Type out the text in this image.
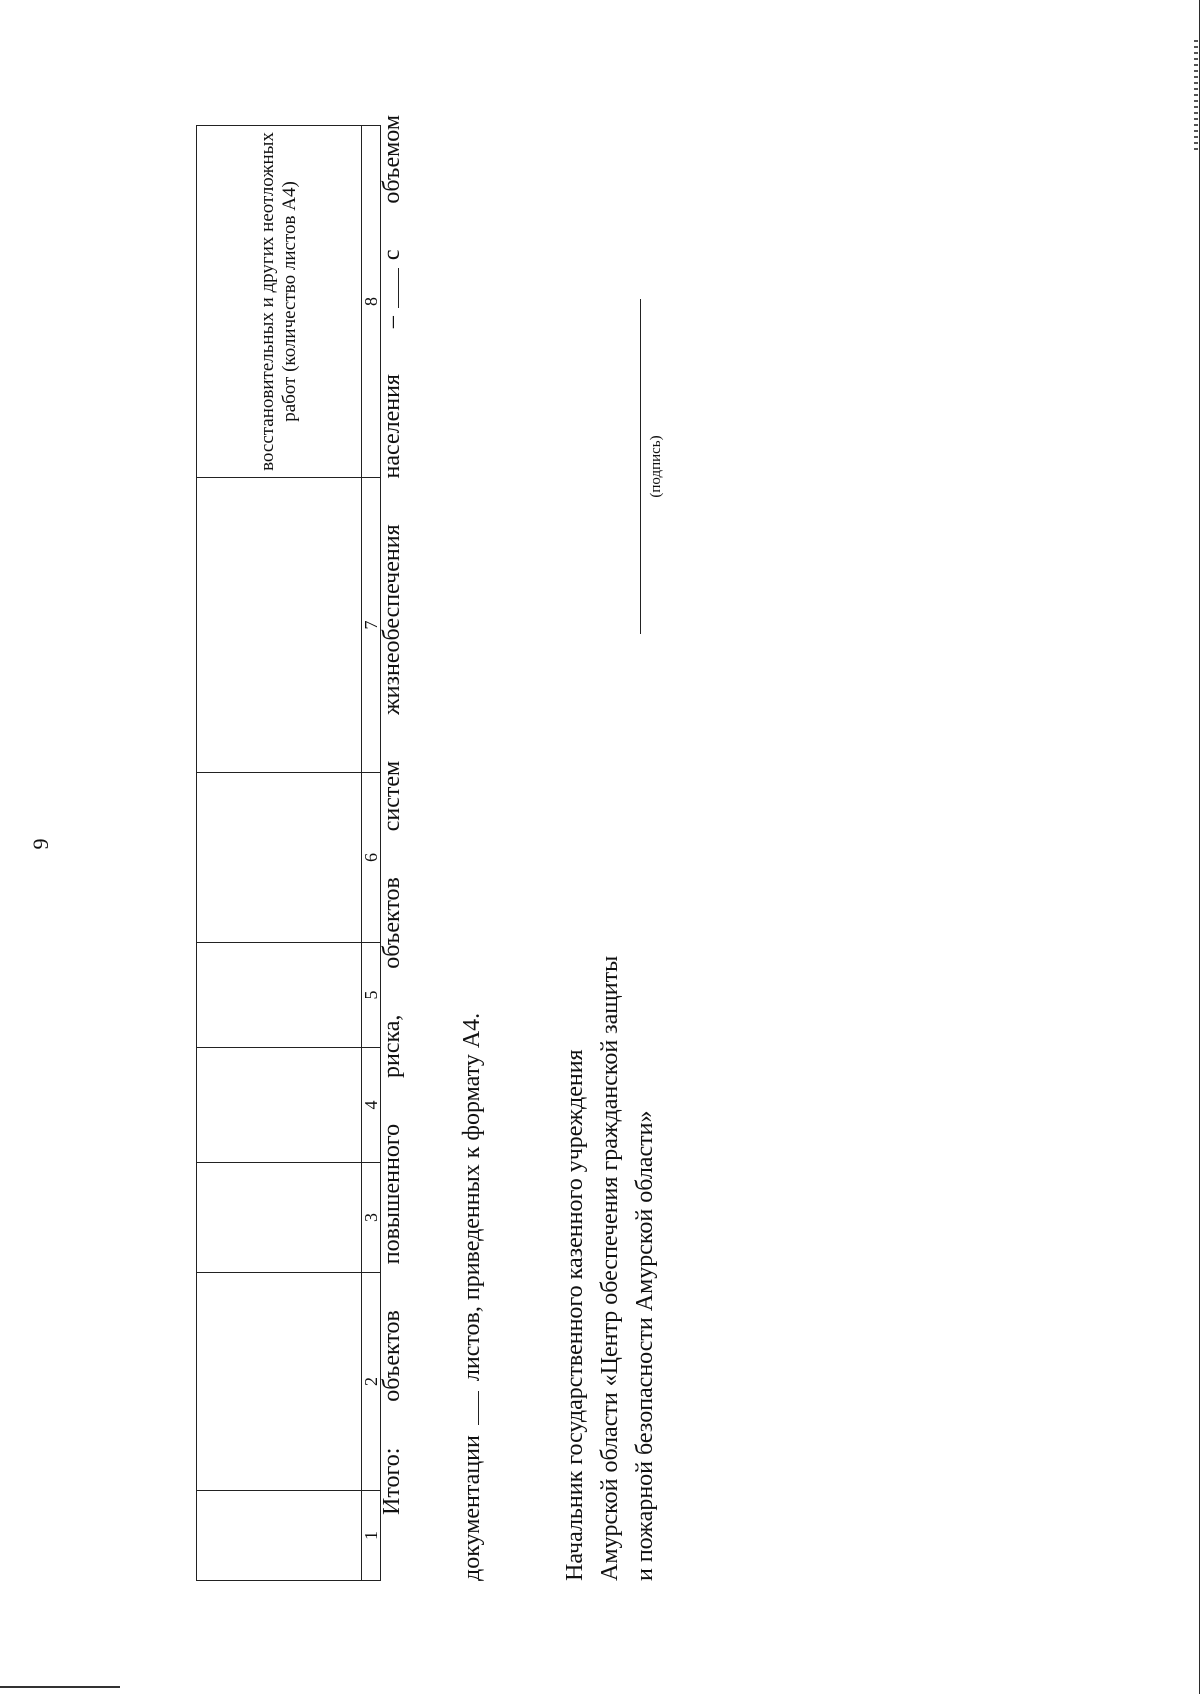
9
							восстановительных и других неотложных работ (количество листов А4)
1	2	3	4	5	6	7	8
Итого: объектов повышенного риска, объектов систем жизнеобеспечения населения –с объемом
документациилистов, приведенных к формату А4.	Начальник государственного казенного учреждения Амурской области «Центр обеспечения гражданской защиты и пожарной безопасности Амурской области»
(подпись)
